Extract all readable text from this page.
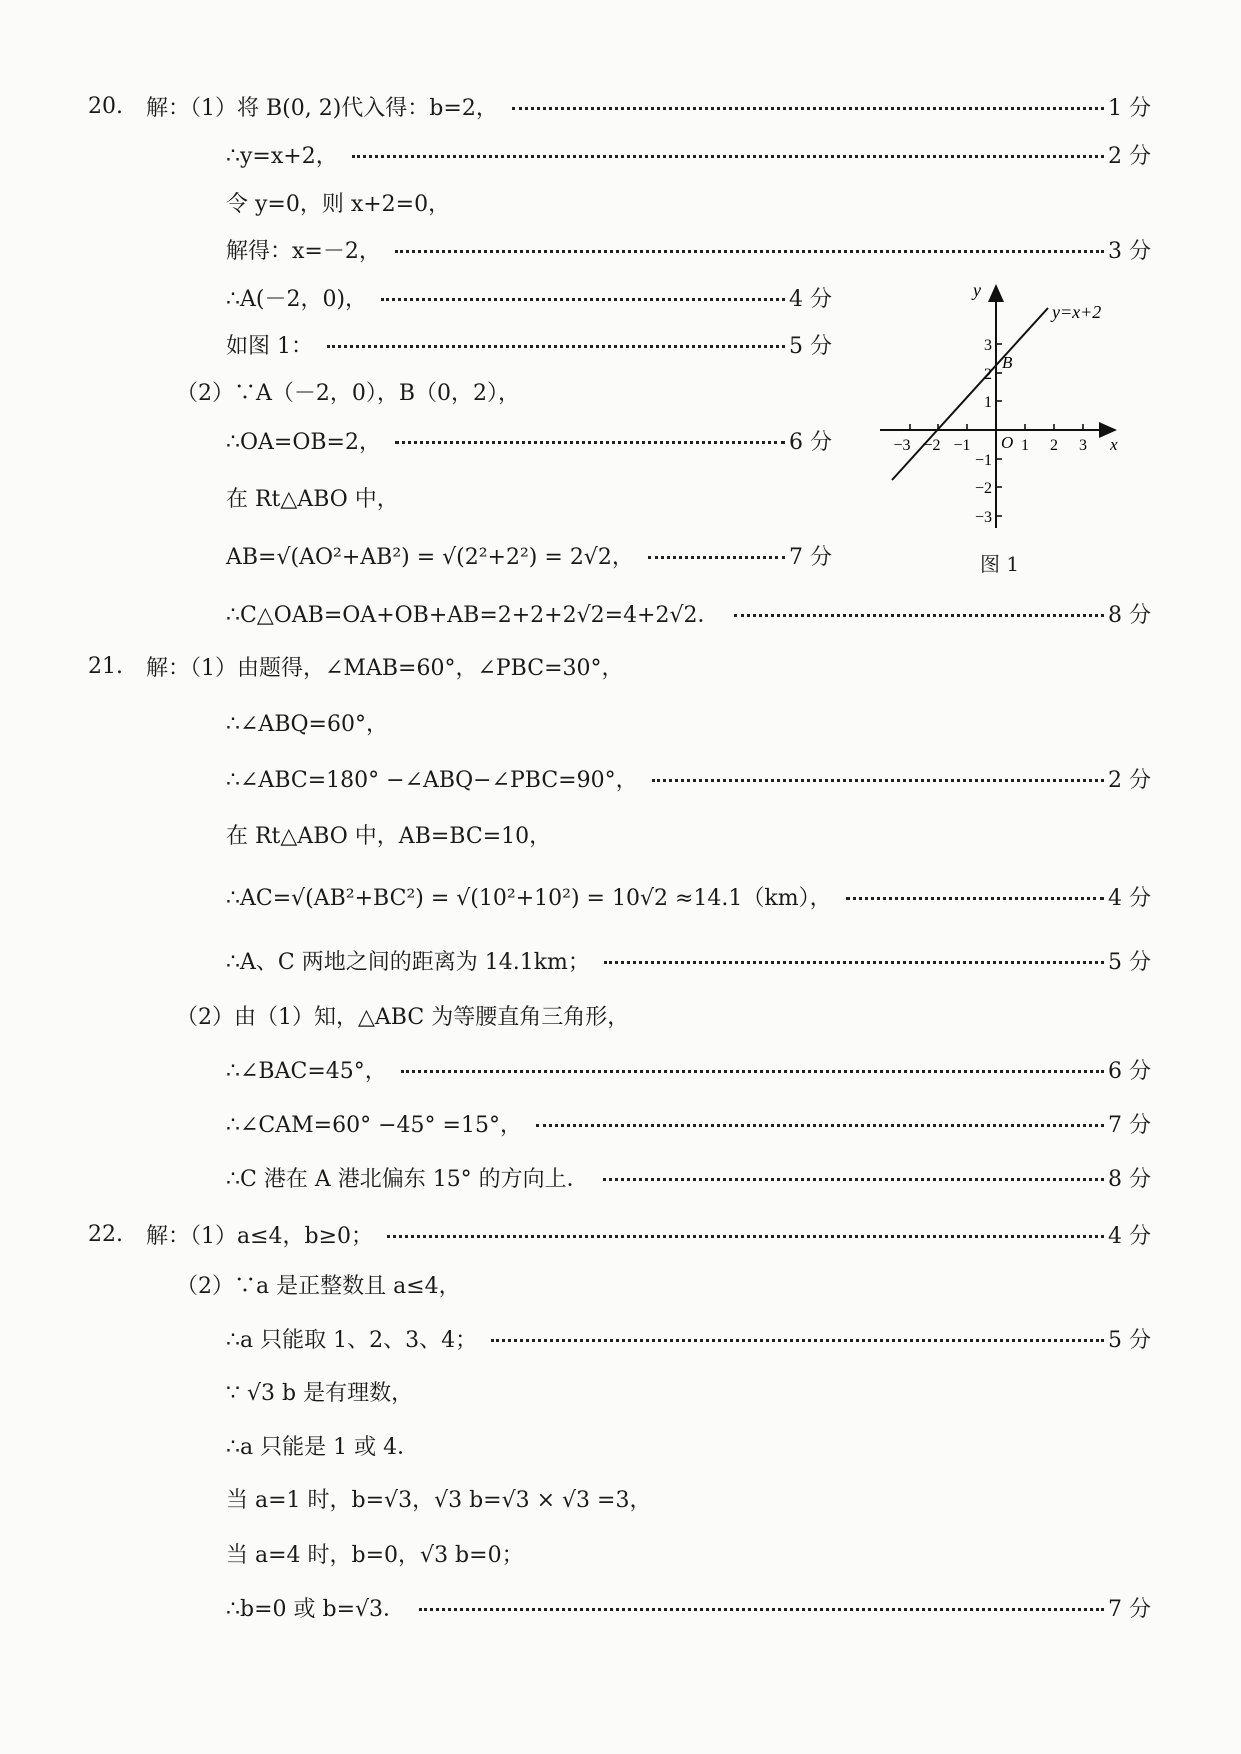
20.	解：（1）将 B(0, 2)代入得：b=2，	1 分
∴y=x+2，	2 分
令 y=0，则 x+2=0，
解得：x=－2，	3 分
∴A(－2，0)，	4 分
如图 1：	5 分
（2）∵A（－2，0），B（0，2），
∴OA=OB=2，	6 分
在 Rt△ABO 中，
AB=√(AO²+AB²) = √(2²+2²) = 2√2，	7 分
∴C△OAB=OA+OB+AB=2+2+2√2=4+2√2．	8 分
y
x
y=x+2
O
B
−3 −2 −1	1 2 3
3
2
1
−1
−2
−3
图 1
21.	解：（1）由题得，∠MAB=60°，∠PBC=30°，
∴∠ABQ=60°，
∴∠ABC=180° −∠ABQ−∠PBC=90°，	2 分
在 Rt△ABO 中，AB=BC=10，
∴AC=√(AB²+BC²) = √(10²+10²) = 10√2 ≈14.1（km），	4 分
∴A、C 两地之间的距离为 14.1km；	5 分
（2）由（1）知，△ABC 为等腰直角三角形，
∴∠BAC=45°，	6 分
∴∠CAM=60° −45° =15°，	7 分
∴C 港在 A 港北偏东 15° 的方向上．	8 分
22.	解：（1）a≤4，b≥0；	4 分
（2）∵a 是正整数且 a≤4，
∴a 只能取 1、2、3、4；	5 分
∵ √3 b 是有理数，
∴a 只能是 1 或 4．
当 a=1 时，b=√3，√3 b=√3 × √3 =3，
当 a=4 时，b=0，√3 b=0；
∴b=0 或 b=√3．	7 分
